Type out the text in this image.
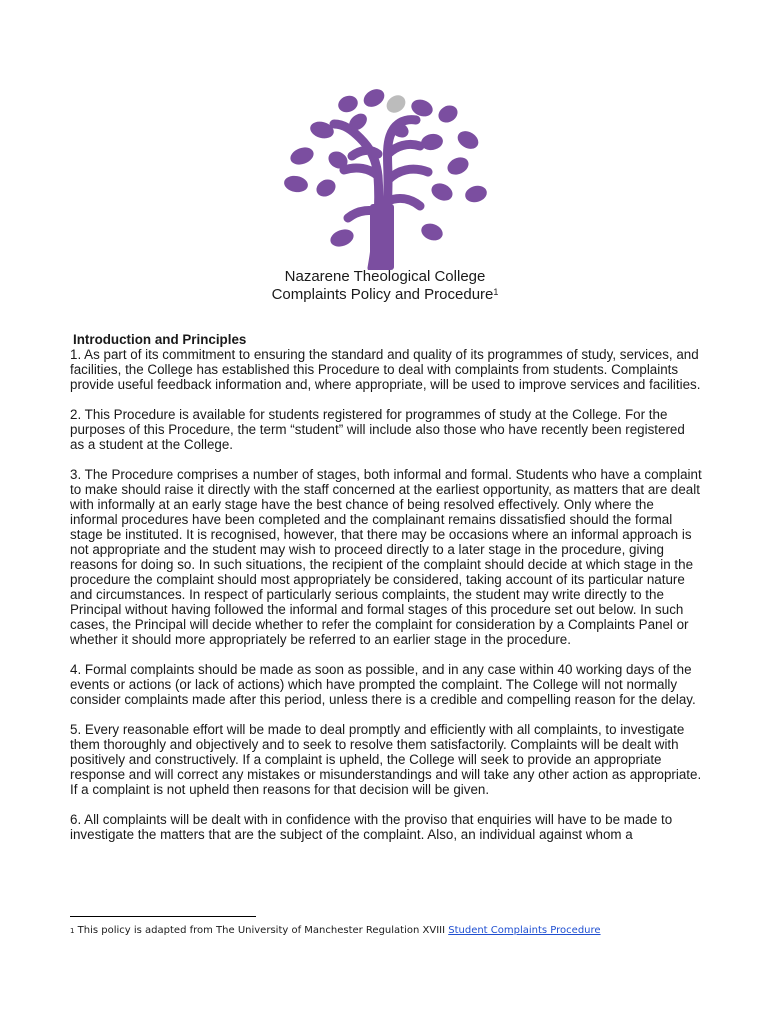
Nazarene Theological College
Complaints Policy and Procedure$^1$
Introduction and Principles

1. As part of its commitment to ensuring the standard and quality of its programmes of study, services, and facilities, the College has established this Procedure to deal with complaints from students. Complaints provide useful feedback information and, where appropriate, will be used to improve services and facilities.

2. This Procedure is available for students registered for programmes of study at the College. For the purposes of this Procedure, the term “student” will include also those who have recently been registered as a student at the College.

3. The Procedure comprises a number of stages, both informal and formal. Students who have a complaint to make should raise it directly with the staff concerned at the earliest opportunity, as matters that are dealt with informally at an early stage have the best chance of being resolved effectively. Only where the informal procedures have been completed and the complainant remains dissatisfied should the formal stage be instituted. It is recognised, however, that there may be occasions where an informal approach is not appropriate and the student may wish to proceed directly to a later stage in the procedure, giving reasons for doing so. In such situations, the recipient of the complaint should decide at which stage in the procedure the complaint should most appropriately be considered, taking account of its particular nature and circumstances. In respect of particularly serious complaints, the student may write directly to the Principal without having followed the informal and formal stages of this procedure set out below. In such cases, the Principal will decide whether to refer the complaint for consideration by a Complaints Panel or whether it should more appropriately be referred to an earlier stage in the procedure.

4. Formal complaints should be made as soon as possible, and in any case within 40 working days of the events or actions (or lack of actions) which have prompted the complaint. The College will not normally consider complaints made after this period, unless there is a credible and compelling reason for the delay.

5. Every reasonable effort will be made to deal promptly and efficiently with all complaints, to investigate them thoroughly and objectively and to seek to resolve them satisfactorily. Complaints will be dealt with positively and constructively. If a complaint is upheld, the College will seek to provide an appropriate response and will correct any mistakes or misunderstandings and will take any other action as appropriate. If a complaint is not upheld then reasons for that decision will be given.

6. All complaints will be dealt with in confidence with the proviso that enquiries will have to be made to investigate the matters that are the subject of the complaint. Also, an individual against whom a

$^1$ This policy is adapted from The University of Manchester Regulation XVIII Student Complaints Procedure
